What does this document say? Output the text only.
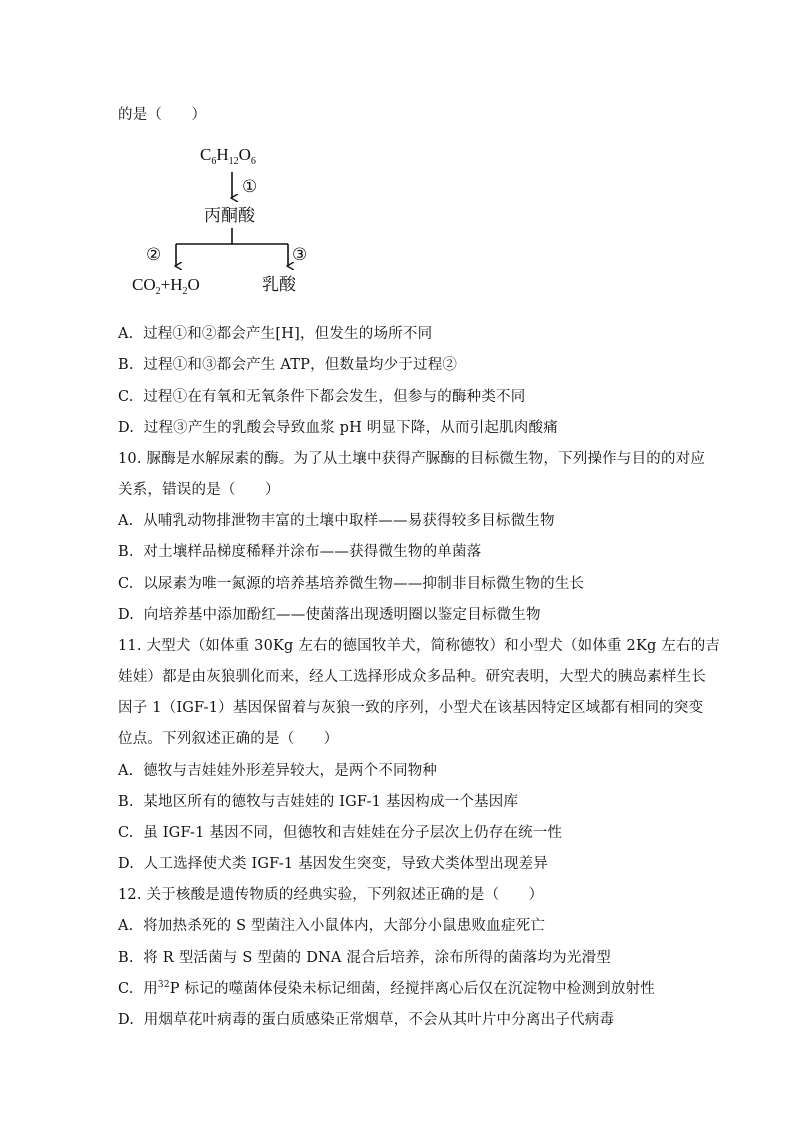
的是（　　）
$C_6H_{12}O_6$
①
丙酮酸
②	③
$CO_2+H_2O$	乳酸
A. 过程①和②都会产生[H]，但发生的场所不同
B. 过程①和③都会产生 ATP，但数量均少于过程②
C. 过程①在有氧和无氧条件下都会发生，但参与的酶种类不同
D. 过程③产生的乳酸会导致血浆 pH 明显下降，从而引起肌肉酸痛
10. 脲酶是水解尿素的酶。为了从土壤中获得产脲酶的目标微生物，下列操作与目的的对应
关系，错误的是（　　）
A. 从哺乳动物排泄物丰富的土壤中取样——易获得较多目标微生物
B. 对土壤样品梯度稀释并涂布——获得微生物的单菌落
C. 以尿素为唯一氮源的培养基培养微生物——抑制非目标微生物的生长
D. 向培养基中添加酚红——使菌落出现透明圈以鉴定目标微生物
11. 大型犬（如体重 30Kg 左右的德国牧羊犬，简称德牧）和小型犬（如体重 2Kg 左右的吉
娃娃）都是由灰狼驯化而来，经人工选择形成众多品种。研究表明，大型犬的胰岛素样生长
因子 1（IGF-1）基因保留着与灰狼一致的序列，小型犬在该基因特定区域都有相同的突变
位点。下列叙述正确的是（　　）
A. 德牧与吉娃娃外形差异较大，是两个不同物种
B. 某地区所有的德牧与吉娃娃的 IGF-1 基因构成一个基因库
C. 虽 IGF-1 基因不同，但德牧和吉娃娃在分子层次上仍存在统一性
D. 人工选择使犬类 IGF-1 基因发生突变，导致犬类体型出现差异
12. 关于核酸是遗传物质的经典实验，下列叙述正确的是（　　）
A. 将加热杀死的 S 型菌注入小鼠体内，大部分小鼠患败血症死亡
B. 将 R 型活菌与 S 型菌的 DNA 混合后培养，涂布所得的菌落均为光滑型
C. 用$^{32}$P 标记的噬菌体侵染未标记细菌，经搅拌离心后仅在沉淀物中检测到放射性
D. 用烟草花叶病毒的蛋白质感染正常烟草，不会从其叶片中分离出子代病毒
